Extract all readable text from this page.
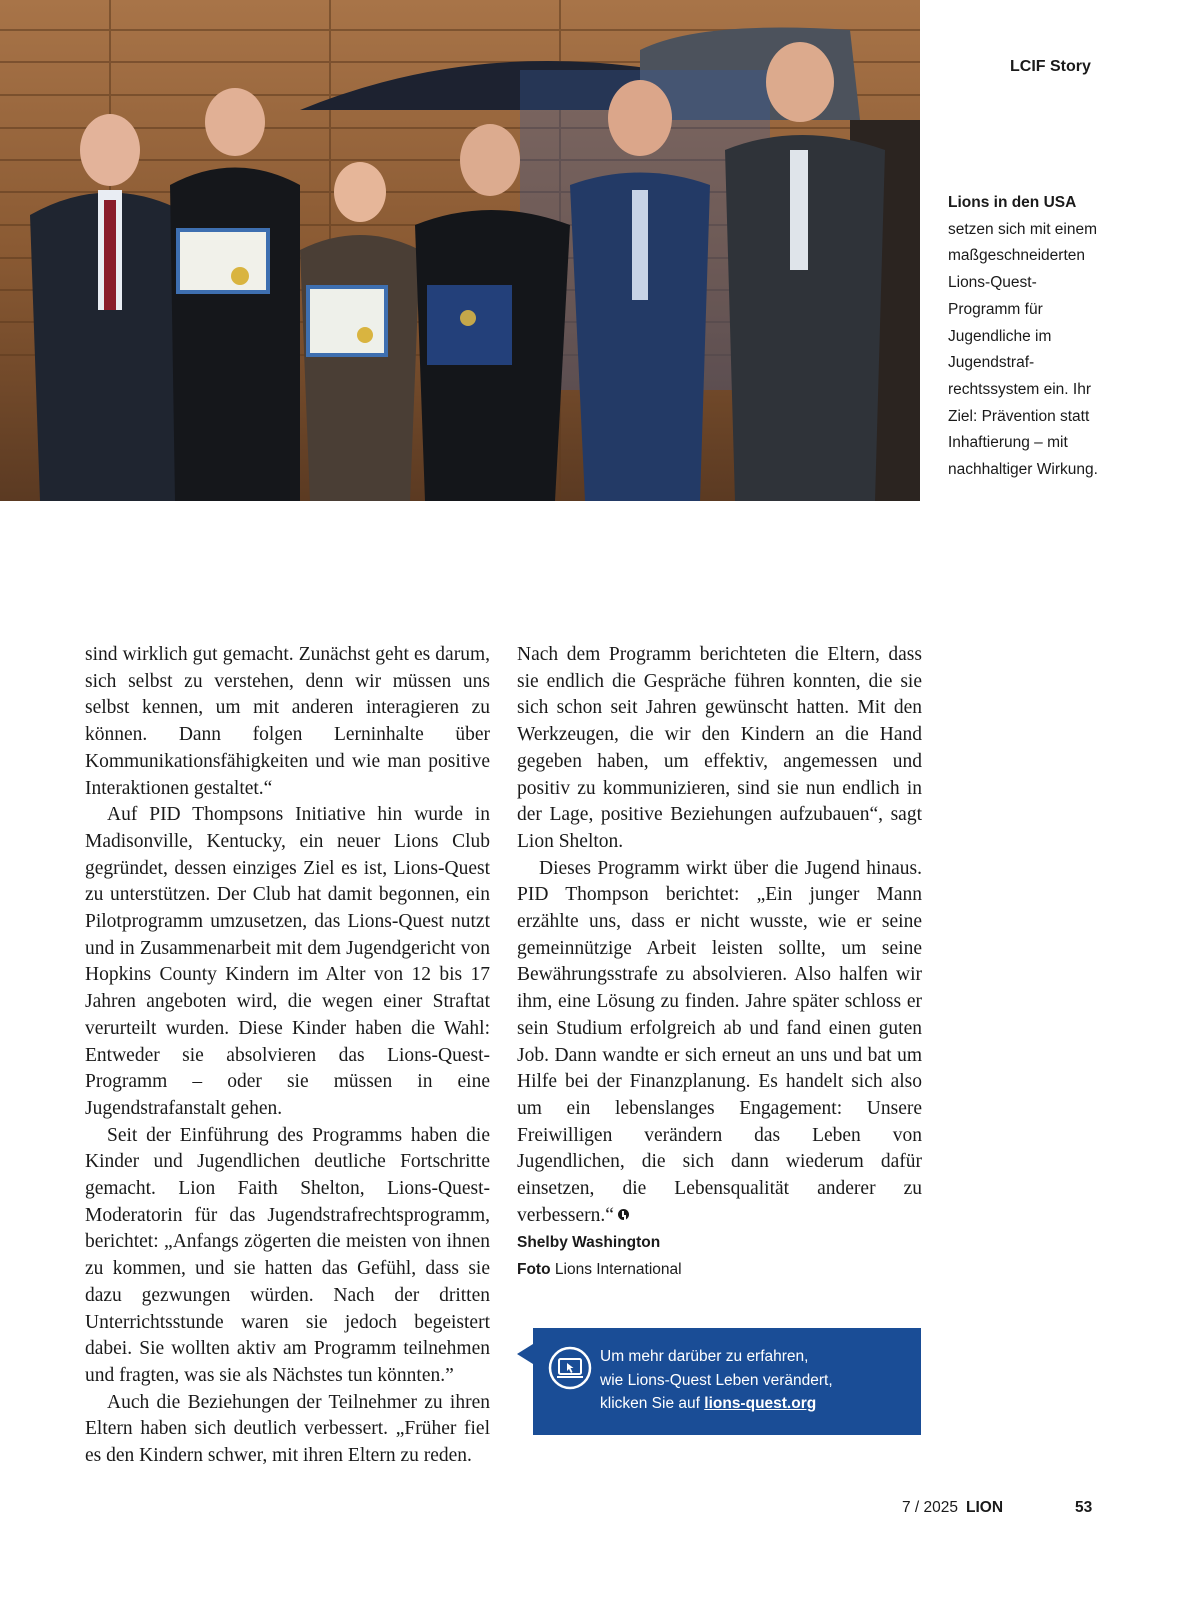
LCIF Story
Lions in den USA
setzen sich mit einem maßgeschneiderten Lions-Quest-Programm für Jugendliche im Jugendstrafrechtssystem ein. Ihr Ziel: Prävention statt Inhaftierung – mit nachhaltiger Wirkung.

sind wirklich gut gemacht. Zunächst geht es darum, sich selbst zu verstehen, denn wir müssen uns selbst kennen, um mit anderen interagieren zu können. Dann folgen Lerninhalte über Kommunikationsfähigkeiten und wie man positive Interaktionen gestaltet.“

Auf PID Thompsons Initiative hin wurde in Madisonville, Kentucky, ein neuer Lions Club gegründet, dessen einziges Ziel es ist, Lions-Quest zu unterstützen. Der Club hat damit begonnen, ein Pilotprogramm umzusetzen, das Lions-Quest nutzt und in Zusammenarbeit mit dem Jugendgericht von Hopkins County Kindern im Alter von 12 bis 17 Jahren angeboten wird, die wegen einer Straftat verurteilt wurden. Diese Kinder haben die Wahl: Entweder sie absolvieren das Lions-Quest-Programm – oder sie müssen in eine Jugendstrafanstalt gehen.

Seit der Einführung des Programms haben die Kinder und Jugendlichen deutliche Fortschritte gemacht. Lion Faith Shelton, Lions-Quest-Moderatorin für das Jugendstrafrechtsprogramm, berichtet: „Anfangs zögerten die meisten von ihnen zu kommen, und sie hatten das Gefühl, dass sie dazu gezwungen würden. Nach der dritten Unterrichtsstunde waren sie jedoch begeistert dabei. Sie wollten aktiv am Programm teilnehmen und fragten, was sie als Nächstes tun könnten.”

Auch die Beziehungen der Teilnehmer zu ihren Eltern haben sich deutlich verbessert. „Früher fiel es den Kindern schwer, mit ihren Eltern zu reden.

Nach dem Programm berichteten die Eltern, dass sie endlich die Gespräche führen konnten, die sie sich schon seit Jahren gewünscht hatten. Mit den Werkzeugen, die wir den Kindern an die Hand gegeben haben, um effektiv, angemessen und positiv zu kommunizieren, sind sie nun endlich in der Lage, positive Beziehungen aufzubauen“, sagt Lion Shelton.

Dieses Programm wirkt über die Jugend hinaus. PID Thompson berichtet: „Ein junger Mann erzählte uns, dass er nicht wusste, wie er seine gemeinnützige Arbeit leisten sollte, um seine Bewährungsstrafe zu absolvieren. Also halfen wir ihm, eine Lösung zu finden. Jahre später schloss er sein Studium erfolgreich ab und fand einen guten Job. Dann wandte er sich erneut an uns und bat um Hilfe bei der Finanzplanung. Es handelt sich also um ein lebenslanges Engagement: Unsere Freiwilligen verändern das Leben von Jugendlichen, die sich dann wiederum dafür einsetzen, die Lebensqualität anderer zu verbessern.“

Shelby Washington
Foto Lions International
Um mehr darüber zu erfahren,
wie Lions-Quest Leben verändert,
klicken Sie auf lions-quest.org
7 / 2025 LION	53
